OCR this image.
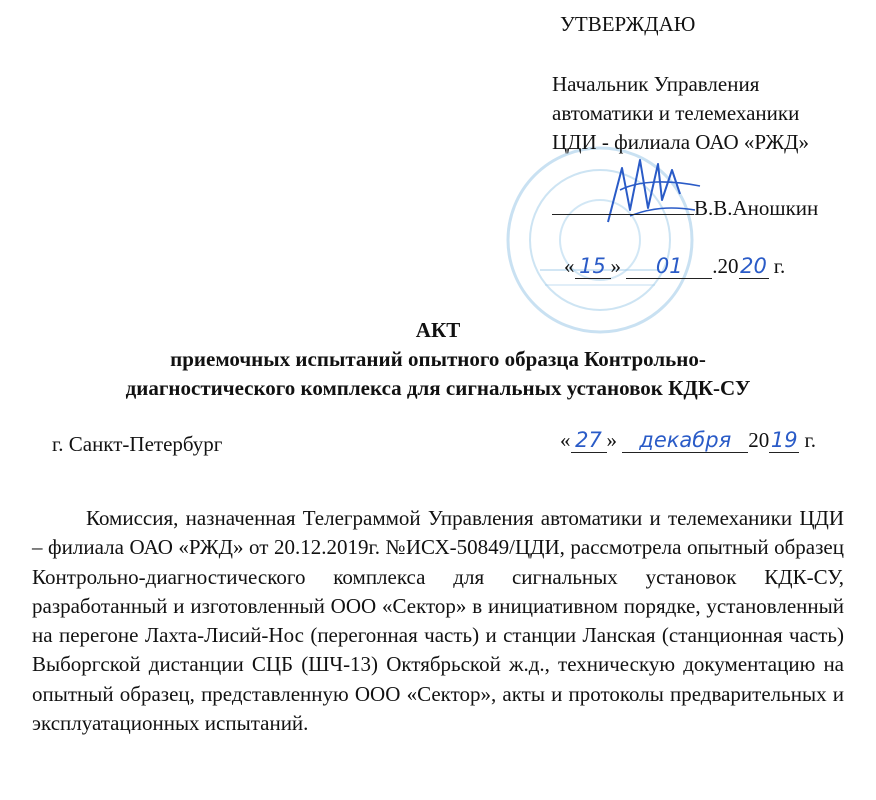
УТВЕРЖДАЮ
Начальник Управления
автоматики и телемеханики
ЦДИ - филиала ОАО «РЖД»
В.В.Аношкин
« 15 » 01 .2020 г.
АКТ
приемочных испытаний опытного образца Контрольно-
диагностического комплекса для сигнальных установок КДК-СУ
г. Санкт-Петербург	« 27 » декабря 2019 г.

Комиссия, назначенная Телеграммой Управления автоматики и телемеханики ЦДИ – филиала ОАО «РЖД» от 20.12.2019г. №ИСХ-50849/ЦДИ, рассмотрела опытный образец Контрольно-диагностического комплекса для сигнальных установок КДК-СУ, разработанный и изготовленный ООО «Сектор» в инициативном порядке, установленный на перегоне Лахта-Лисий-Нос (перегонная часть) и станции Ланская (станционная часть) Выборгской дистанции СЦБ (ШЧ-13) Октябрьской ж.д., техническую документацию на опытный образец, представленную ООО «Сектор», акты и протоколы предварительных и эксплуатационных испытаний.
